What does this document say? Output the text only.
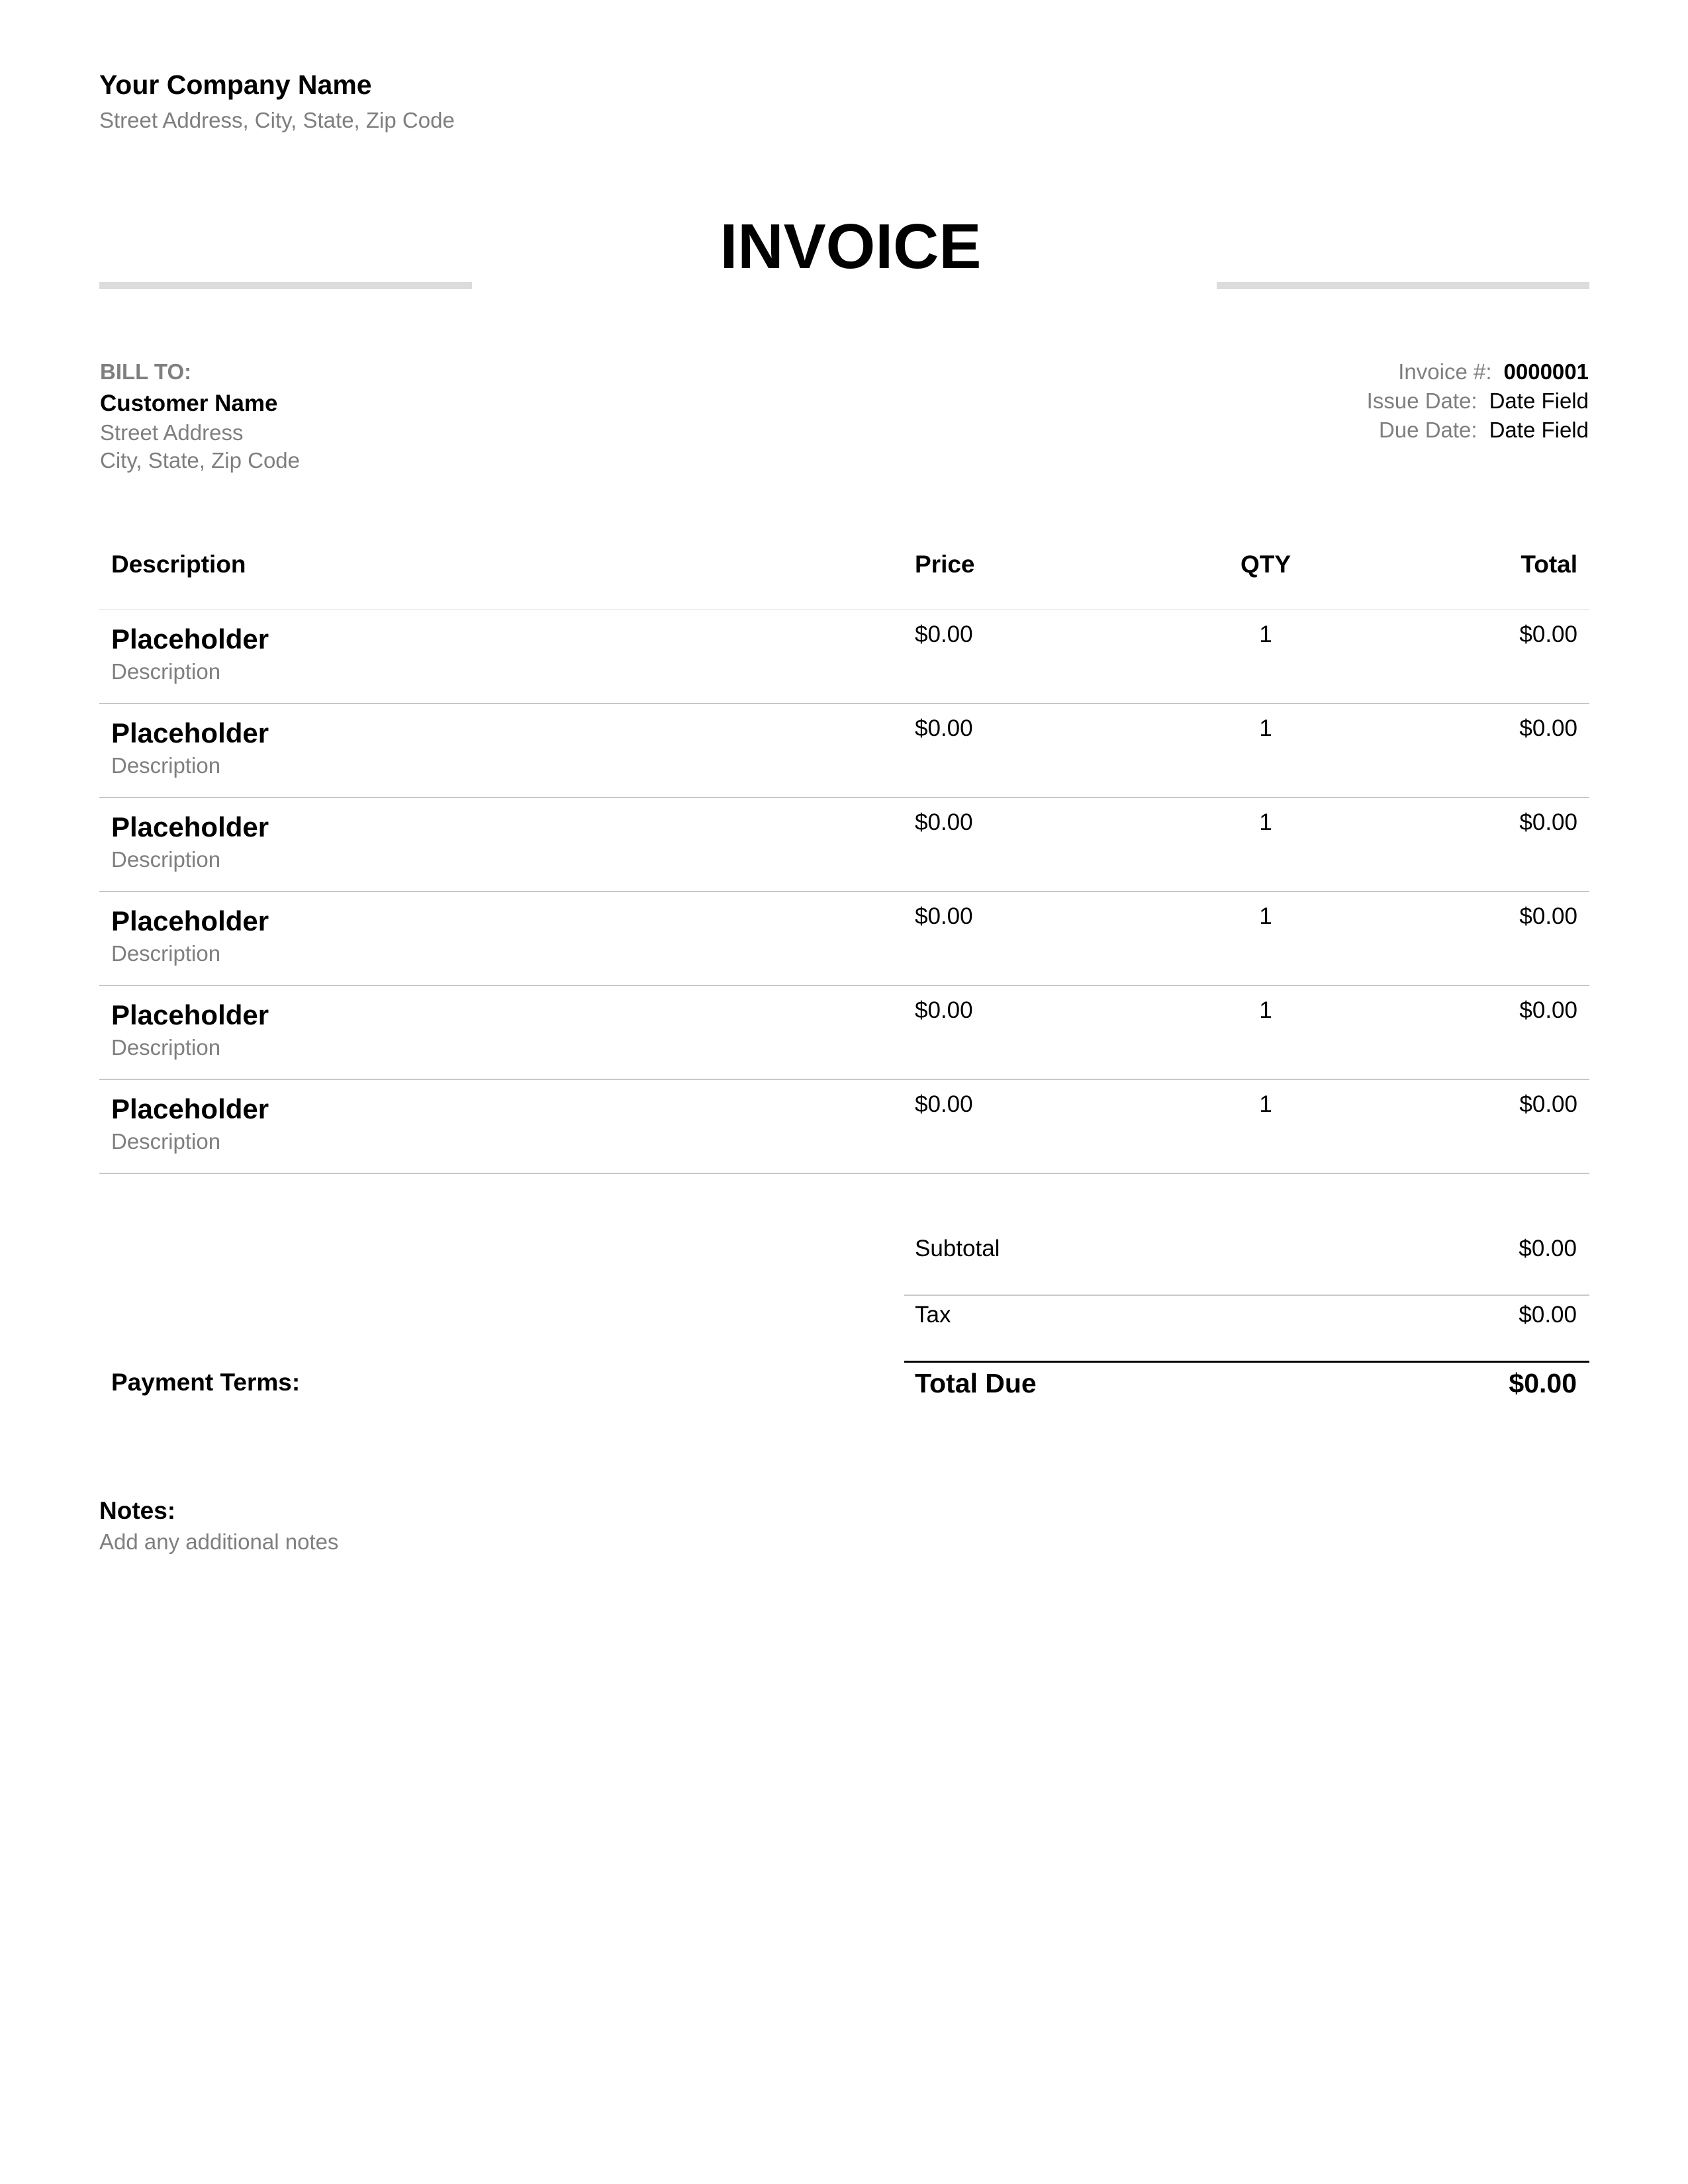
Your Company Name
Street Address, City, State, Zip Code
INVOICE
BILL TO:
Customer Name
Street Address
City, State, Zip Code
Invoice #: 0000001
Issue Date: Date Field
Due Date: Date Field
Description	Price	QTY	Total
Placeholder
Description
$0.00	1	$0.00
Placeholder
Description
$0.00	1	$0.00
Placeholder
Description
$0.00	1	$0.00
Placeholder
Description
$0.00	1	$0.00
Placeholder
Description
$0.00	1	$0.00
Placeholder
Description
$0.00	1	$0.00
Subtotal	$0.00
Tax	$0.00
Total Due	$0.00
Payment Terms:
Notes:
Add any additional notes
